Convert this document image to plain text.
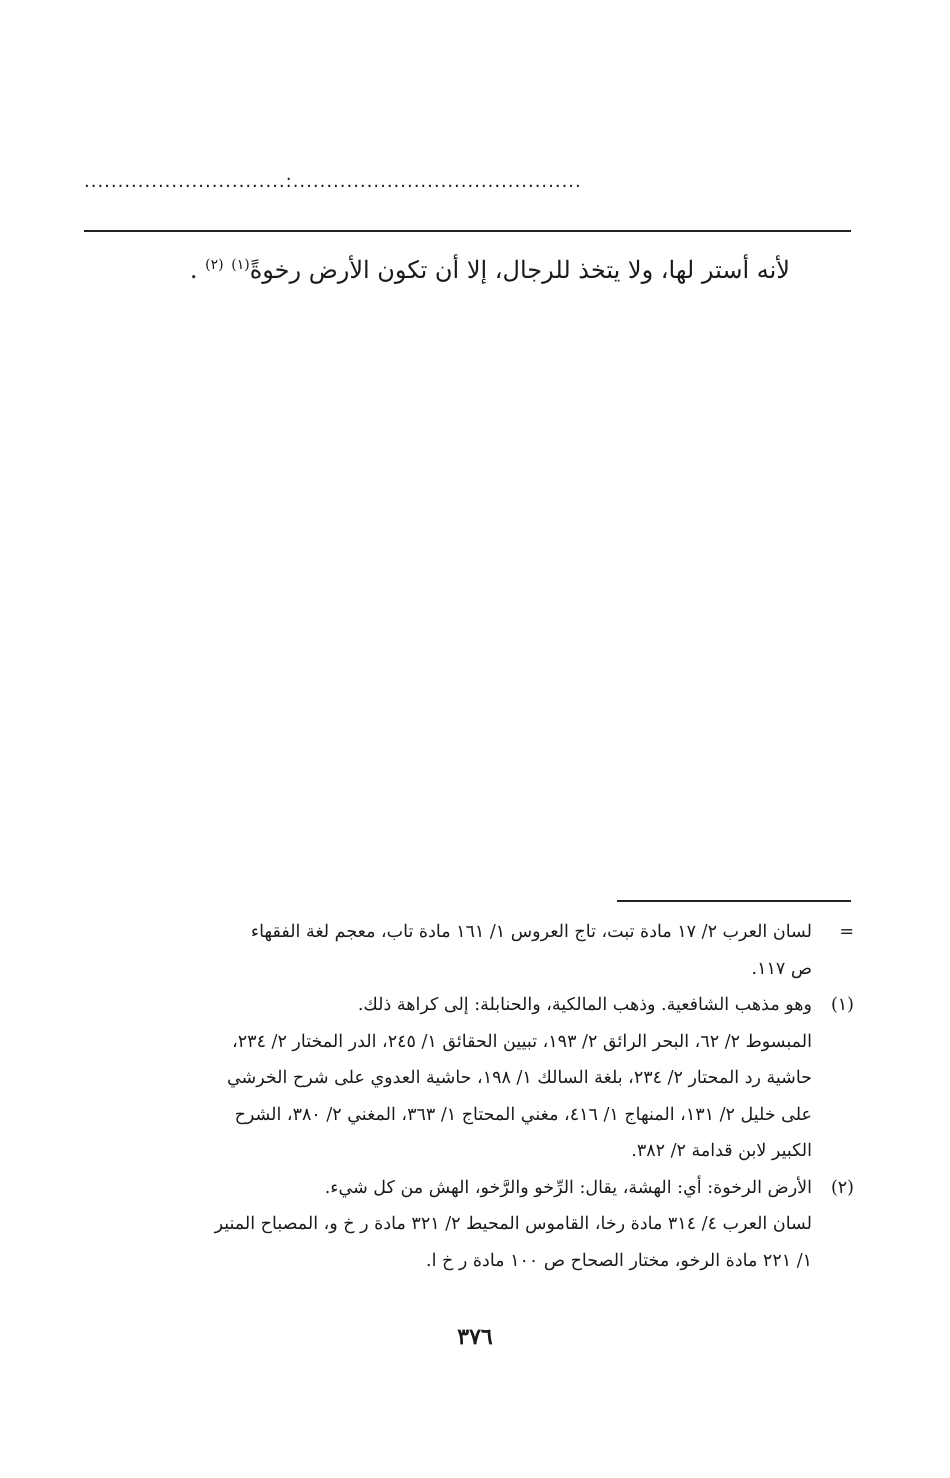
..............................:...........................................
لأنه أستر لها، ولا يتخذ للرجال، إلا أن تكون الأرض رخوةً$^{(١)}$ $^{(٢)}$ .
=

لسان العرب ٢/ ١٧ مادة تبت، تاج العروس ١/ ١٦١ مادة تاب، معجم لغة الفقهاء

ص ١١٧.

(١)

وهو مذهب الشافعية. وذهب المالكية، والحنابلة: إلى كراهة ذلك.

المبسوط ٢/ ٦٢، البحر الرائق ٢/ ١٩٣، تبيين الحقائق ١/ ٢٤٥، الدر المختار ٢/ ٢٣٤،

حاشية رد المحتار ٢/ ٢٣٤، بلغة السالك ١/ ١٩٨، حاشية العدوي على شرح الخرشي

على خليل ٢/ ١٣١، المنهاج ١/ ٤١٦، مغني المحتاج ١/ ٣٦٣، المغني ٢/ ٣٨٠، الشرح

الكبير لابن قدامة ٢/ ٣٨٢.

(٢)

الأرض الرخوة: أي: الهشة، يقال: الرِّخو والرَّخو، الهش من كل شيء.

لسان العرب ٤/ ٣١٤ مادة رخا، القاموس المحيط ٢/ ٣٢١ مادة ر خ و، المصباح المنير

١/ ٢٢١ مادة الرخو، مختار الصحاح ص ١٠٠ مادة ر خ ا.

٣٧٦
